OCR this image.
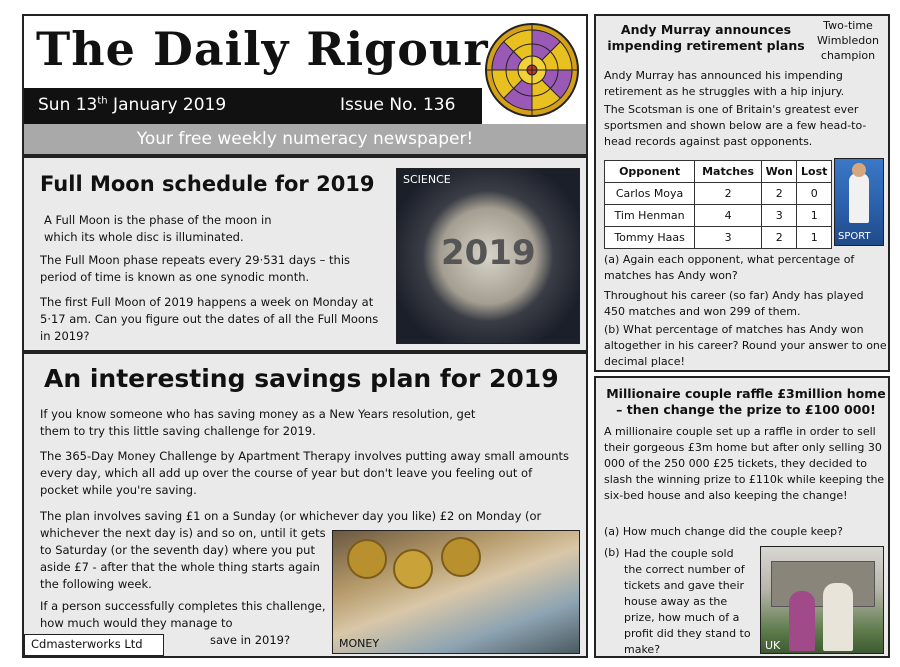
The Daily Rigour
Sun 13th January 2019	Issue No. 136
Your free weekly numeracy newspaper!
Full Moon schedule for 2019

A Full Moon is the phase of the moon in which its whole disc is illuminated.

The Full Moon phase repeats every 29·531 days – this period of time is known as one synodic month.

The first Full Moon of 2019 happens a week on Monday at 5·17 am. Can you figure out the dates of all the Full Moons in 2019?

SCIENCE
2019
An interesting savings plan for 2019

If you know someone who has saving money as a New Years resolution, get them to try this little saving challenge for 2019.

The 365-Day Money Challenge by Apartment Therapy involves putting away small amounts every day, which all add up over the course of year but don't leave you feeling out of pocket while you're saving.

The plan involves saving £1 on a Sunday (or whichever day you like) £2 on Monday (or

whichever the next day is) and so on, until it gets to Saturday (or the seventh day) where you put aside £7 - after that the whole thing starts again the following week.

If a person successfully completes this challenge, how much would they manage to

save in 2019?	MONEY
Cdmasterworks Ltd
Andy Murray announces impending retirement plans
Two-time Wimbledon champion

Andy Murray has announced his impending retirement as he struggles with a hip injury.

The Scotsman is one of Britain's greatest ever sportsmen and shown below are a few head-to-head records against past opponents.

Opponent	Matches	Won	Lost
Carlos Moya	2	2	0
Tim Henman	4	3	1
Tommy Haas	3	2	1 SPORT

(a) Again each opponent, what percentage of matches has Andy won?

Throughout his career (so far) Andy has played 450 matches and won 299 of them.

(b) What percentage of matches has Andy won altogether in his career? Round your answer to one decimal place!

Millionaire couple raffle £3million home – then change the prize to £100 000!

A millionaire couple set up a raffle in order to sell their gorgeous £3m home but after only selling 30 000 of the 250 000 £25 tickets, they decided to slash the winning prize to £110k while keeping the six-bed house and also keeping the change!

(a) How much change did the couple keep?

(b) Had the couple sold the correct number of tickets and gave their house away as the prize, how much of a profit did they stand to make?	UK
